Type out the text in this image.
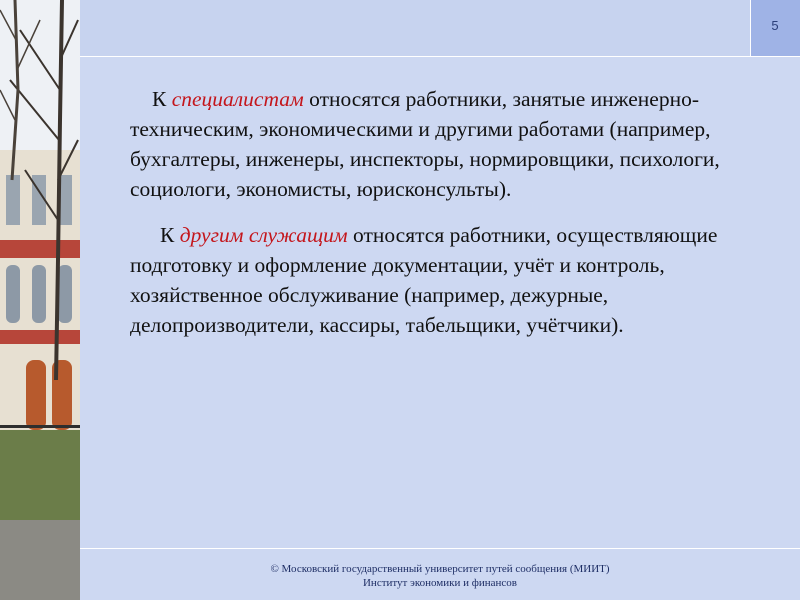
5

К специалистам относятся работники, занятые инженерно-техническим, экономическими и другими работами (например, бухгалтеры, инженеры, инспекторы, нормировщики, психологи, социологи, экономисты, юрисконсульты).

К другим служащим относятся работники, осуществляющие подготовку и оформление документации, учёт и контроль, хозяйственное обслуживание (например, дежурные, делопроизводители, кассиры, табельщики, учётчики).

© Московский государственный университет путей сообщения (МИИТ)
Институт экономики и финансов
